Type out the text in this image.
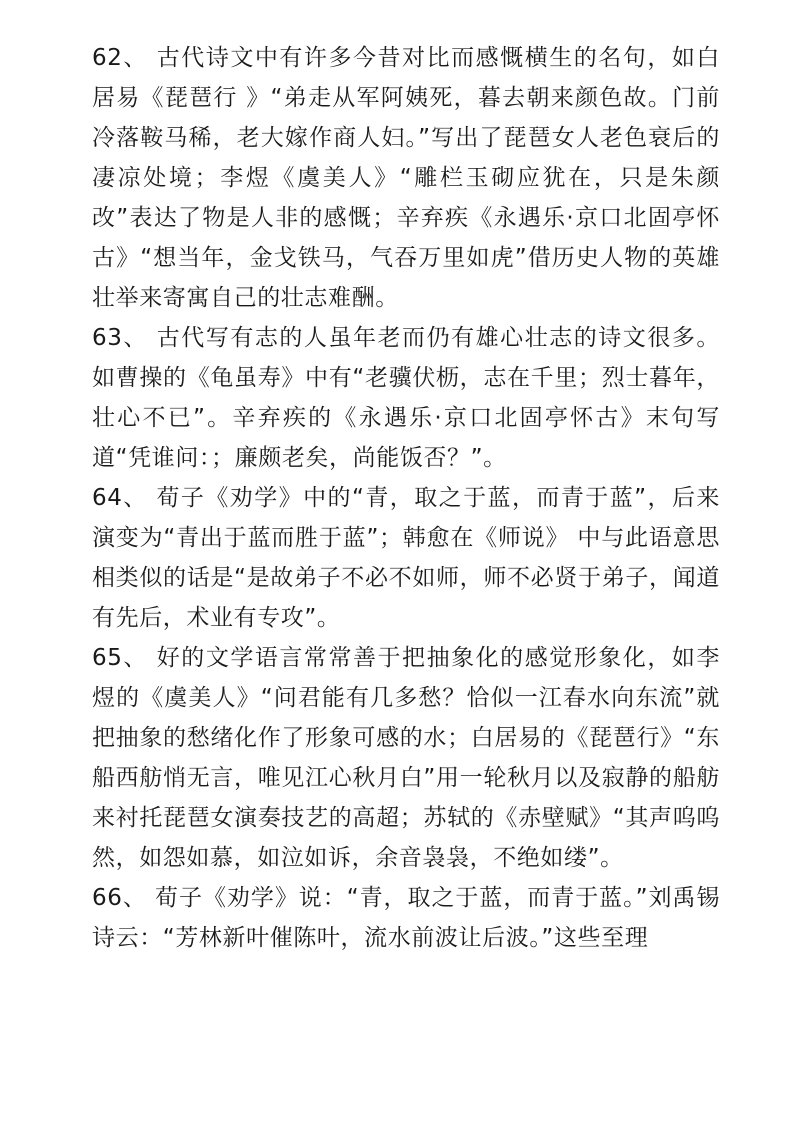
62、 古代诗文中有许多今昔对比而感慨横生的名句，如白居易《琵琶行 》“弟走从军阿姨死，暮去朝来颜色故。门前冷落鞍马稀，老大嫁作商人妇。”写出了琵琶女人老色衰后的凄凉处境；李煜《虞美人》“雕栏玉砌应犹在，只是朱颜改”表达了物是人非的感慨；辛弃疾《永遇乐·京口北固亭怀古》“想当年，金戈铁马，气吞万里如虎”借历史人物的英雄壮举来寄寓自己的壮志难酬。

63、 古代写有志的人虽年老而仍有雄心壮志的诗文很多。如曹操的《龟虽寿》中有“老骥伏枥，志在千里；烈士暮年，壮心不已”。辛弃疾的《永遇乐·京口北固亭怀古》末句写道“凭谁问：；廉颇老矣，尚能饭否？”。

64、 荀子《劝学》中的“青，取之于蓝，而青于蓝”，后来演变为“青出于蓝而胜于蓝”；韩愈在《师说》 中与此语意思相类似的话是“是故弟子不必不如师，师不必贤于弟子，闻道有先后，术业有专攻”。

65、 好的文学语言常常善于把抽象化的感觉形象化，如李煜的《虞美人》“问君能有几多愁？恰似一江春水向东流”就把抽象的愁绪化作了形象可感的水；白居易的《琵琶行》“东船西舫悄无言，唯见江心秋月白”用一轮秋月以及寂静的船舫来衬托琵琶女演奏技艺的高超；苏轼的《赤壁赋》“其声呜呜然，如怨如慕，如泣如诉，余音袅袅，不绝如缕”。

66、 荀子《劝学》说：“青，取之于蓝，而青于蓝。”刘禹锡诗云：“芳林新叶催陈叶，流水前波让后波。”这些至理
